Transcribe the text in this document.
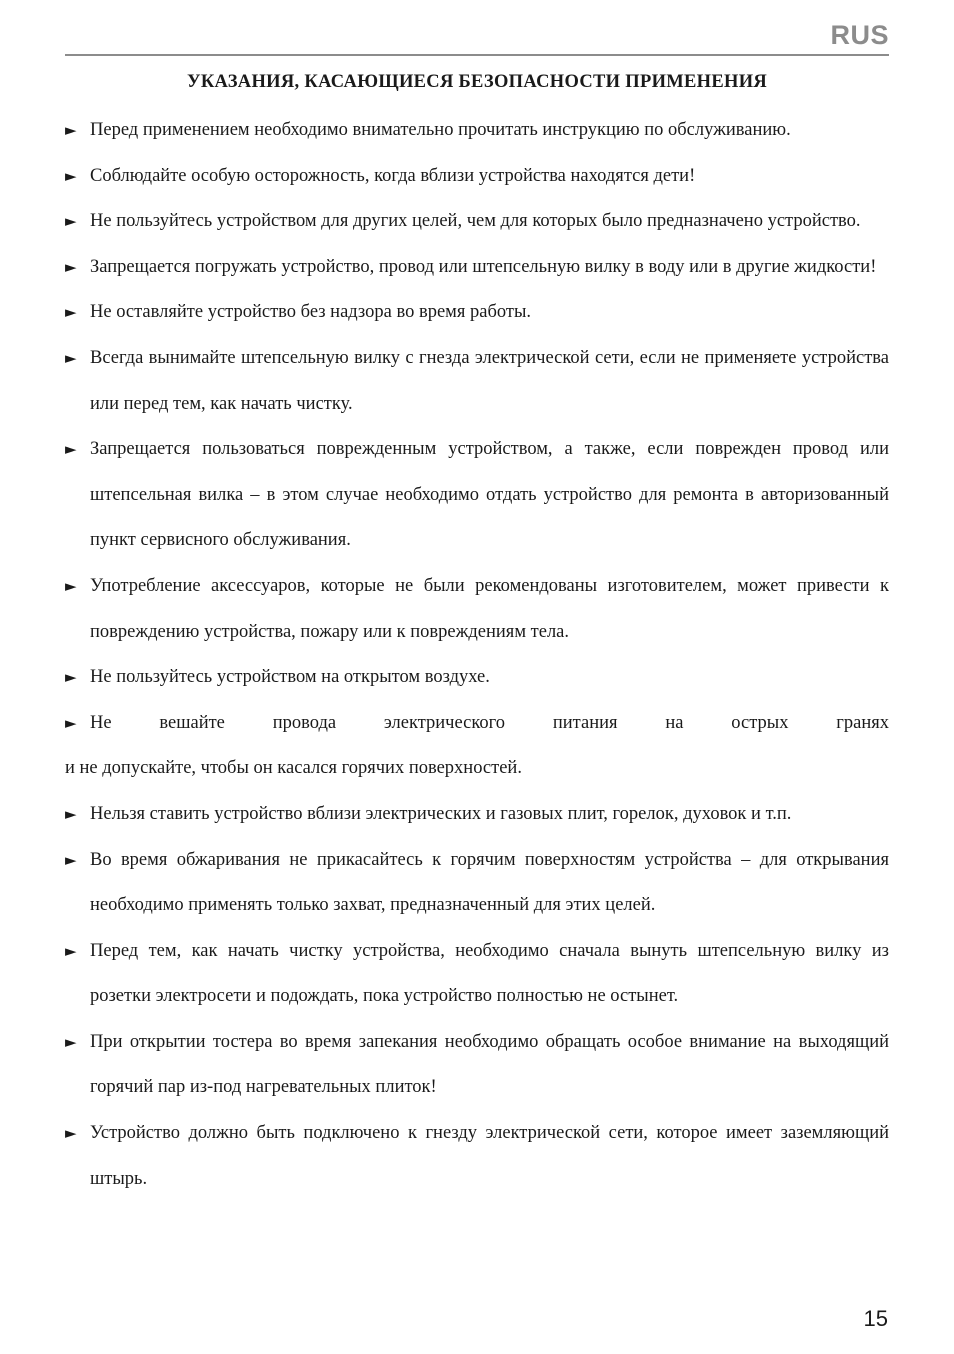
RUS
УКАЗАНИЯ, КАСАЮЩИЕСЯ БЕЗОПАСНОСТИ ПРИМЕНЕНИЯ
► Перед применением необходимо внимательно прочитать инструкцию по обслуживанию.
► Соблюдайте особую осторожность, когда вблизи устройства находятся дети!
► Не пользуйтесь устройством для других целей, чем для которых было предназначено устройство.
► Запрещается погружать устройство, провод или штепсельную вилку в воду или в другие жидкости!
► Не оставляйте устройство без надзора во время работы.
► Всегда вынимайте штепсельную вилку с гнезда электрической сети, если не применяете устройства или перед тем, как начать чистку.
► Запрещается пользоваться поврежденным устройством, а также, если поврежден провод или штепсельная вилка – в этом случае необходимо отдать устройство для ремонта в авторизованный пункт сервисного обслуживания.
► Употребление аксессуаров, которые не были рекомендованы изготовителем, может привести к повреждению устройства, пожару или к повреждениям тела.
► Не пользуйтесь устройством на открытом воздухе.
► Не вешайте провода электрического питания на острых гранях
и не допускайте, чтобы он касался горячих поверхностей.
► Нельзя ставить устройство вблизи электрических и газовых плит, горелок, духовок и т.п.
► Во время обжаривания не прикасайтесь к горячим поверхностям устройства – для открывания необходимо применять только захват, предназначенный для этих целей.
► Перед тем, как начать чистку устройства, необходимо сначала вынуть штепсельную вилку из розетки электросети и подождать, пока устройство полностью не остынет.
► При открытии тостера во время запекания необходимо обращать особое внимание на выходящий горячий пар из-под нагревательных плиток!
► Устройство должно быть подключено к гнезду электрической сети, которое имеет заземляющий штырь.
15
